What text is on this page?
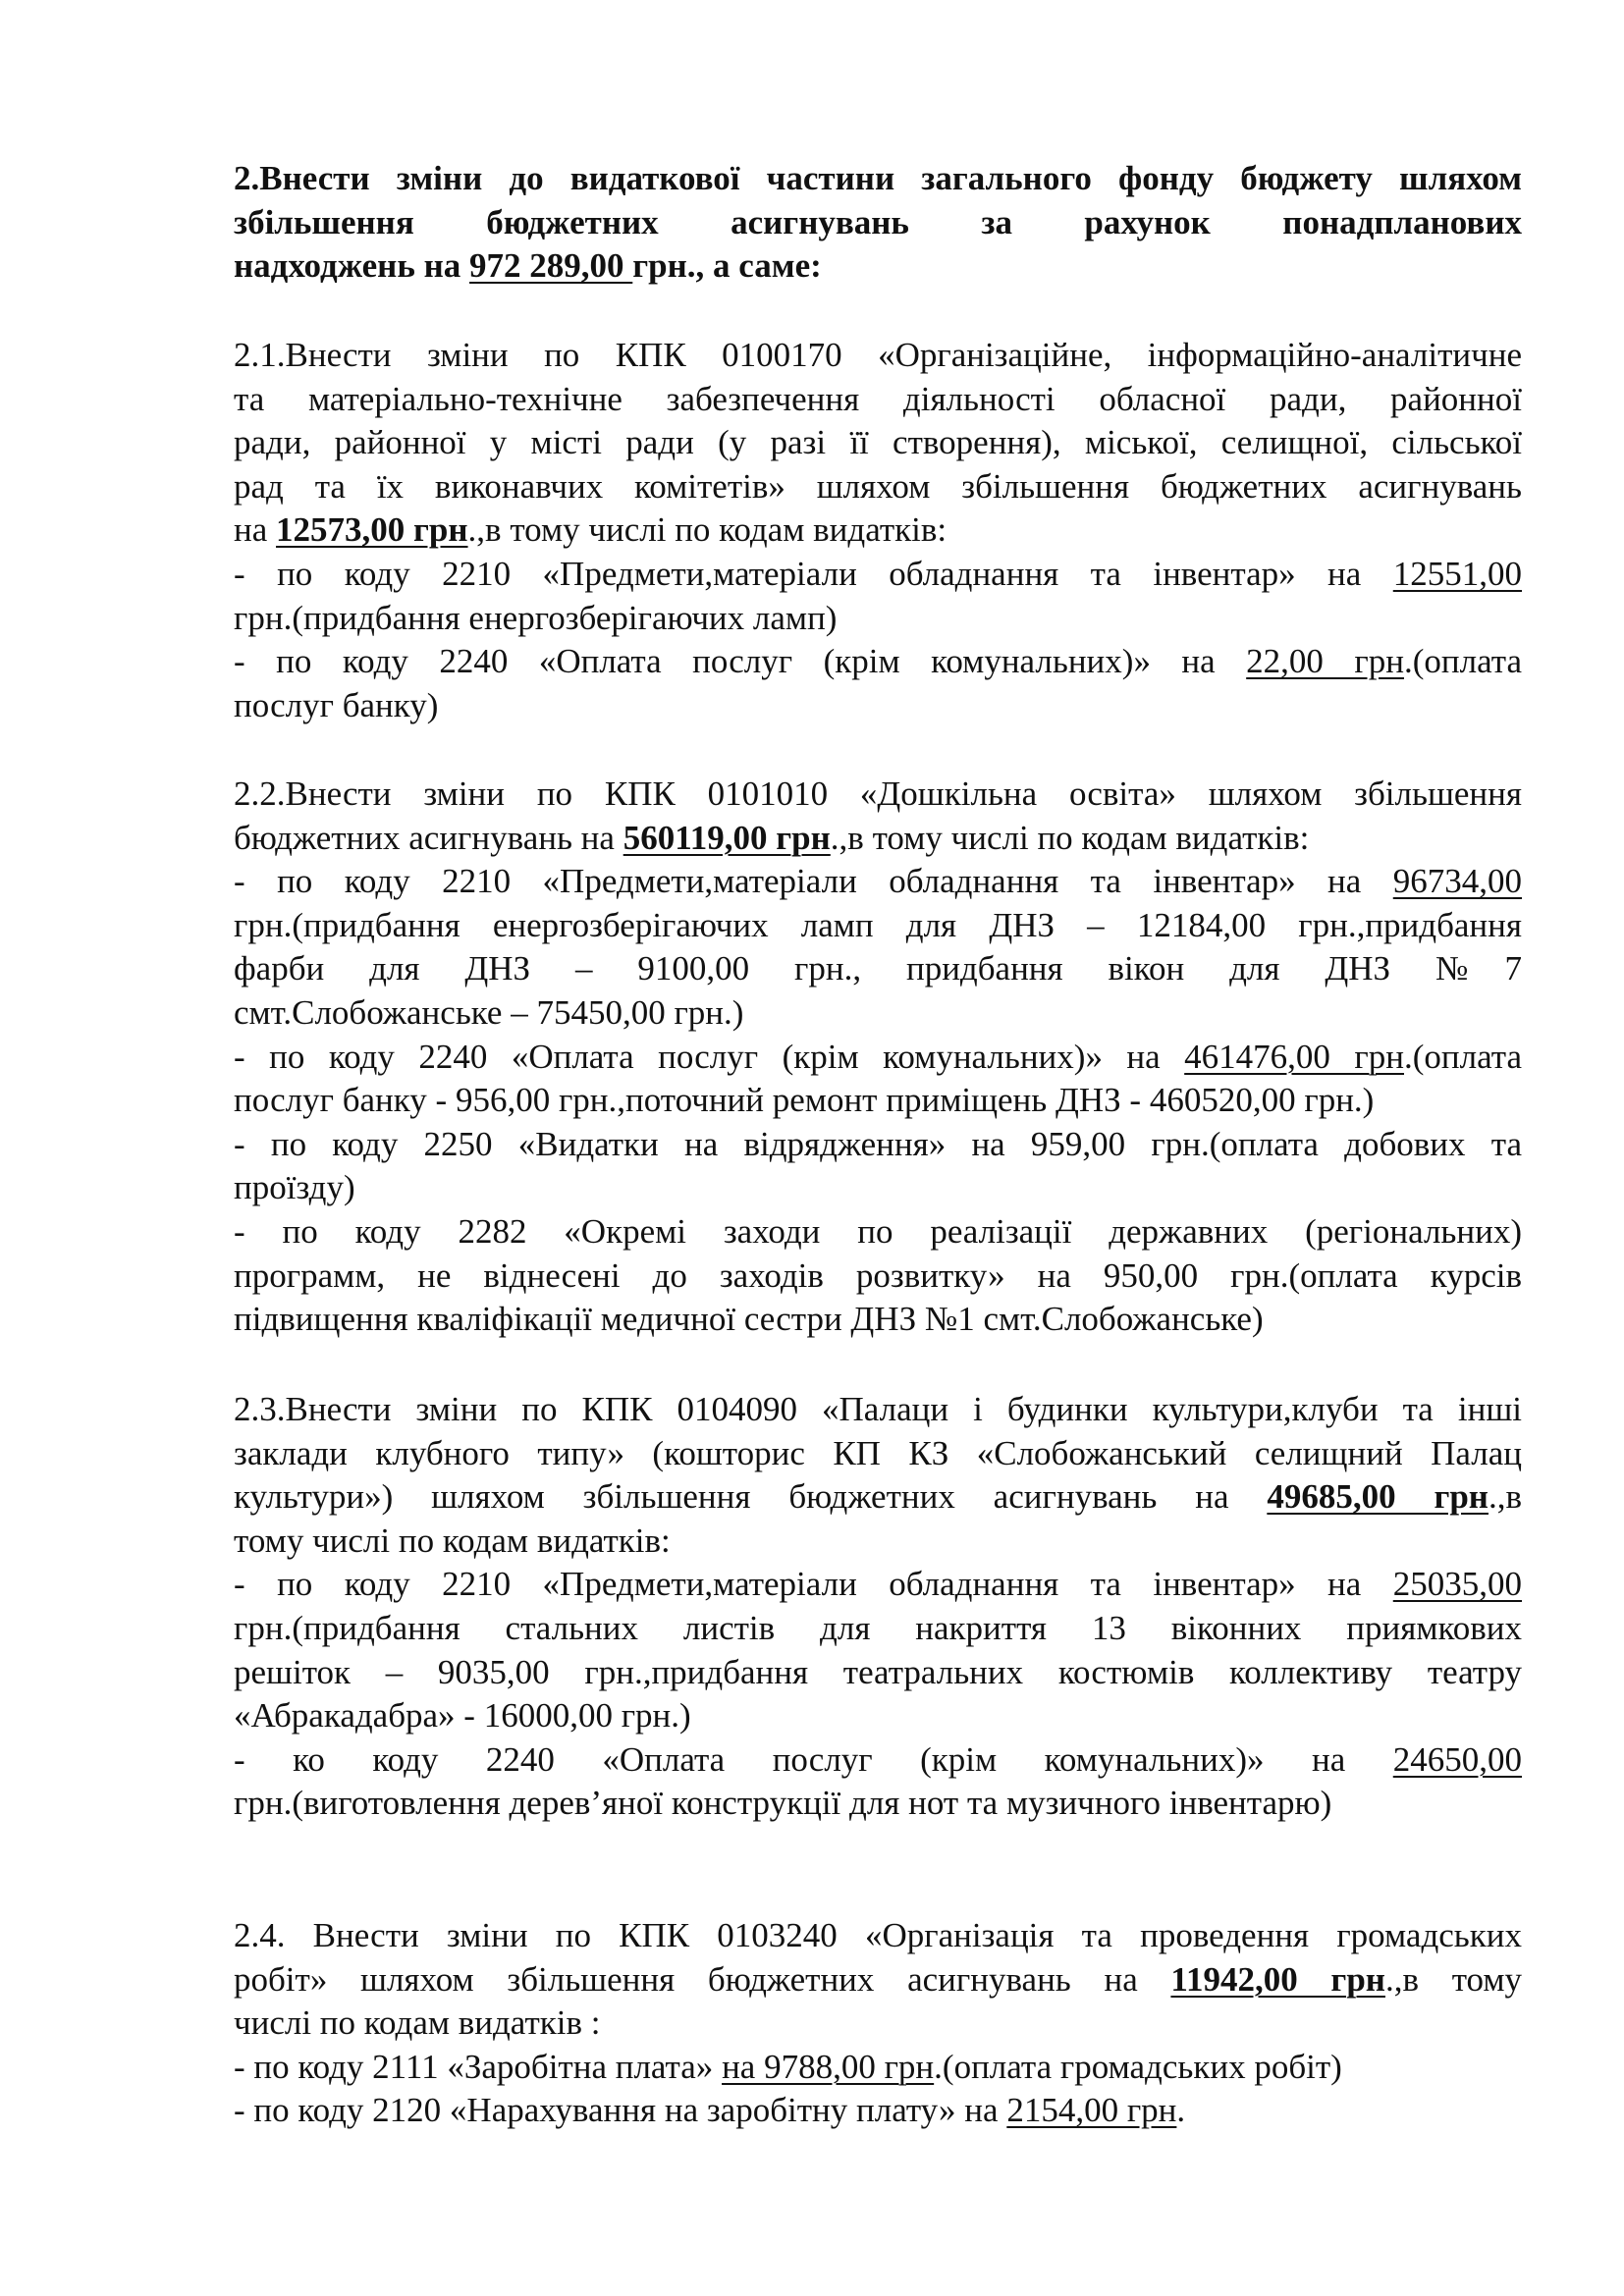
2.Внести зміни до видаткової частини загального фонду бюджету шляхом
збільшення бюджетних асигнувань за рахунок понадпланових
надходжень на 972 289,00 грн., а саме:
2.1.Внести зміни по КПК 0100170 «Організаційне, інформаційно-аналітичне
та матеріально-технічне забезпечення діяльності обласної ради, районної
ради, районної у місті ради (у разі її створення), міської, селищної, сільської
рад та їх виконавчих комітетів» шляхом збільшення бюджетних асигнувань
на 12573,00 грн.,в тому числі по кодам видатків:
- по коду 2210 «Предмети,матеріали обладнання та інвентар» на 12551,00
грн.(придбання енергозберігаючих ламп)
- по коду 2240 «Оплата послуг (крім комунальних)» на 22,00 грн.(оплата
послуг банку)
2.2.Внести зміни по КПК 0101010 «Дошкільна освіта» шляхом збільшення
бюджетних асигнувань на 560119,00 грн.,в тому числі по кодам видатків:
- по коду 2210 «Предмети,матеріали обладнання та інвентар» на 96734,00
грн.(придбання енергозберігаючих ламп для ДНЗ – 12184,00 грн.,придбання
фарби для ДНЗ – 9100,00 грн., придбання вікон для ДНЗ №7
смт.Слобожанське – 75450,00 грн.)
- по коду 2240 «Оплата послуг (крім комунальних)» на 461476,00 грн.(оплата
послуг банку - 956,00 грн.,поточний ремонт приміщень ДНЗ - 460520,00 грн.)
- по коду 2250 «Видатки на відрядження» на 959,00 грн.(оплата добових та
проїзду)
- по коду 2282 «Окремі заходи по реалізації державних (регіональних)
программ, не віднесені до заходів розвитку» на 950,00 грн.(оплата курсів
підвищення кваліфікації медичної сестри ДНЗ №1 смт.Слобожанське)
2.3.Внести зміни по КПК 0104090 «Палаци і будинки культури,клуби та інші
заклади клубного типу» (кошторис КП КЗ «Слобожанський селищний Палац
культури») шляхом збільшення бюджетних асигнувань на 49685,00 грн.,в
тому числі по кодам видатків:
- по коду 2210 «Предмети,матеріали обладнання та інвентар» на 25035,00
грн.(придбання стальних листів для накриття 13 віконних приямкових
решіток – 9035,00 грн.,придбання театральних костюмів коллективу театру
«Абракадабра» - 16000,00 грн.)
- ко коду 2240 «Оплата послуг (крім комунальних)» на 24650,00
грн.(виготовлення дерев’яної конструкції для нот та музичного інвентарю)
2.4. Внести зміни по КПК 0103240 «Організація та проведення громадських
робіт» шляхом збільшення бюджетних асигнувань на 11942,00 грн.,в тому
числі по кодам видатків :
- по коду 2111 «Заробітна плата» на 9788,00 грн.(оплата громадських робіт)
- по коду 2120 «Нарахування на заробітну плату» на 2154,00 грн.
